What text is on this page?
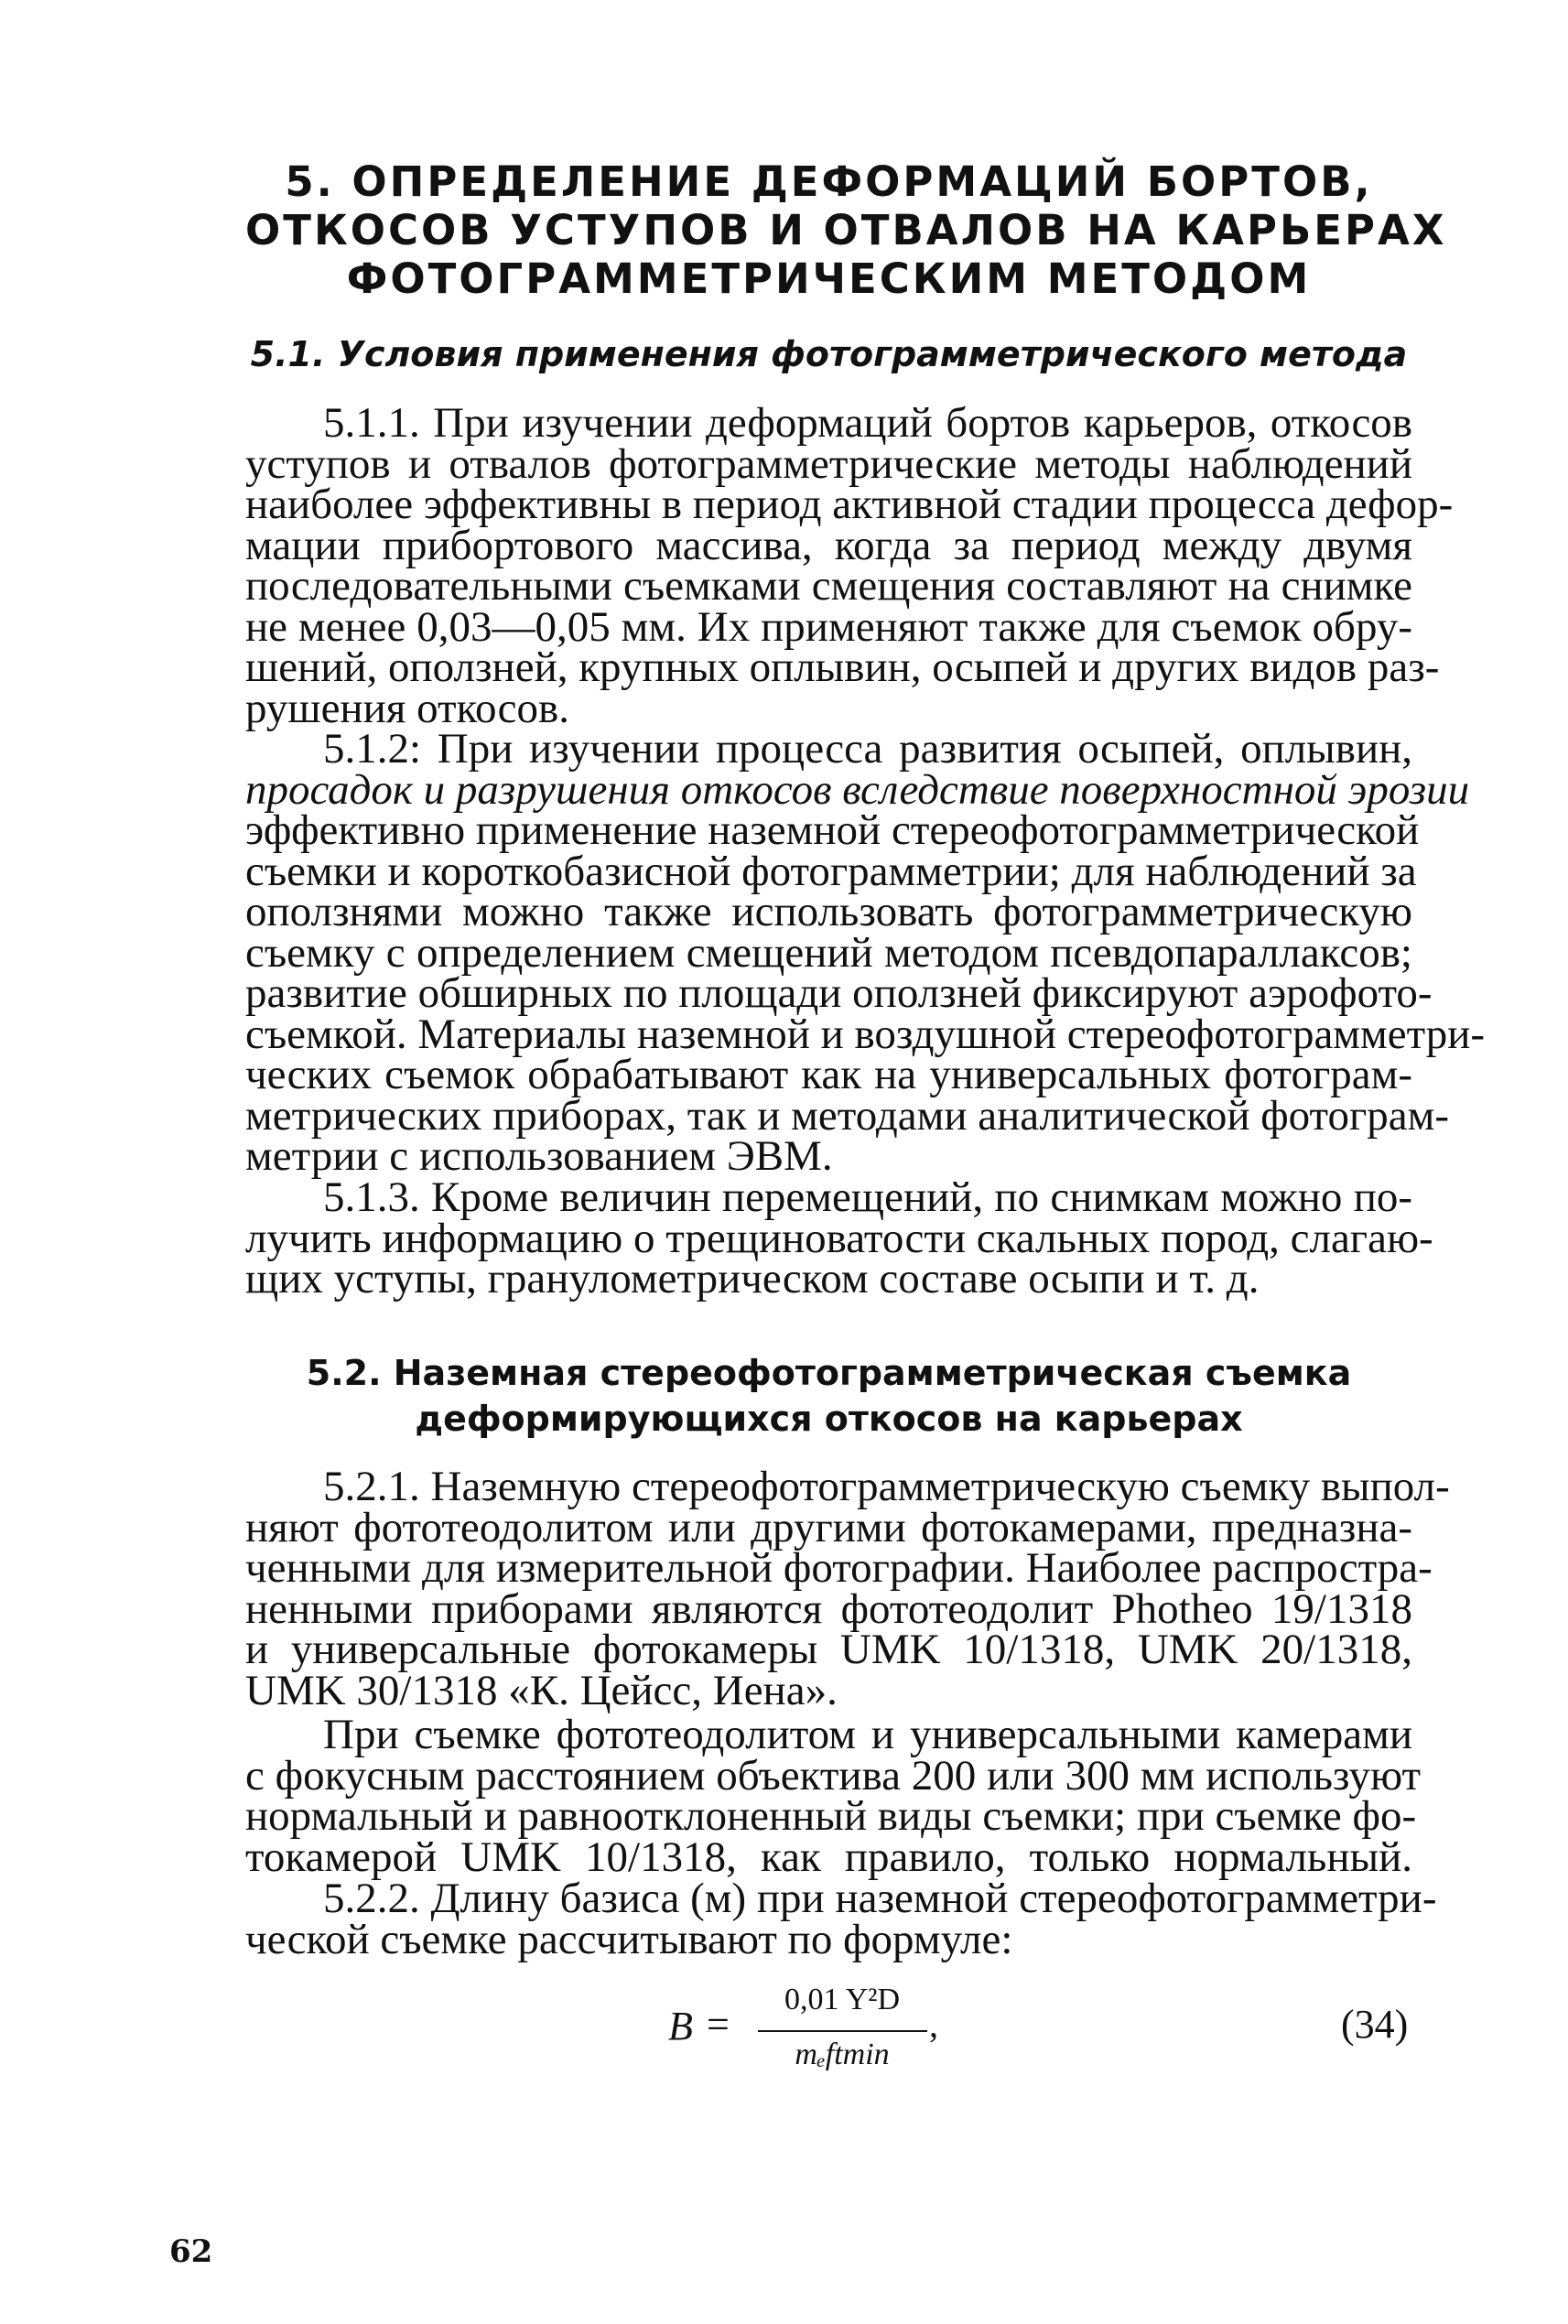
5. ОПРЕДЕЛЕНИЕ ДЕФОРМАЦИЙ БОРТОВ,
ОТКОСОВ УСТУПОВ И ОТВАЛОВ НА КАРЬЕРАХ
ФОТОГРАММЕТРИЧЕСКИМ МЕТОДОМ
5.1. Условия применения фотограмметрического метода
5.1.1. При изучении деформаций бортов карьеров, откосов
уступов и отвалов фотограмметрические методы наблюдений
наиболее эффективны в период активной стадии процесса дефор-
мации прибортового массива, когда за период между двумя
последовательными съемками смещения составляют на снимке
не менее 0,03—0,05 мм. Их применяют также для съемок обру-
шений, оползней, крупных оплывин, осыпей и других видов раз-
рушения откосов.
5.1.2: При изучении процесса развития осыпей, оплывин,
просадок и разрушения откосов вследствие поверхностной эрозии
эффективно применение наземной стереофотограмметрической
съемки и короткобазисной фотограмметрии; для наблюдений за
оползнями можно также использовать фотограмметрическую
съемку с определением смещений методом псевдопараллаксов;
развитие обширных по площади оползней фиксируют аэрофото-
съемкой. Материалы наземной и воздушной стереофотограмметри-
ческих съемок обрабатывают как на универсальных фотограм-
метрических приборах, так и методами аналитической фотограм-
метрии с использованием ЭВМ.
5.1.3. Кроме величин перемещений, по снимкам можно по-
лучить информацию о трещиноватости скальных пород, слагаю-
щих уступы, гранулометрическом составе осыпи и т. д.
5.2. Наземная стереофотограмметрическая съемка
деформирующихся откосов на карьерах
5.2.1. Наземную стереофотограмметрическую съемку выпол-
няют фототеодолитом или другими фотокамерами, предназна-
ченными для измерительной фотографии. Наиболее распростра-
ненными приборами являются фототеодолит Photheo 19/1318
и универсальные фотокамеры UMK 10/1318, UMK 20/1318,
UMK 30/1318 «К. Цейсс, Иена».
При съемке фототеодолитом и универсальными камерами
с фокусным расстоянием объектива 200 или 300 мм используют
нормальный и равноотклоненный виды съемки; при съемке фо-
токамерой UMK 10/1318, как правило, только нормальный.
5.2.2. Длину базиса (м) при наземной стереофотограмметри-
ческой съемке рассчитывают по формуле:
B =
0,01 Y²D
mₑftmin
,	(34)
62
